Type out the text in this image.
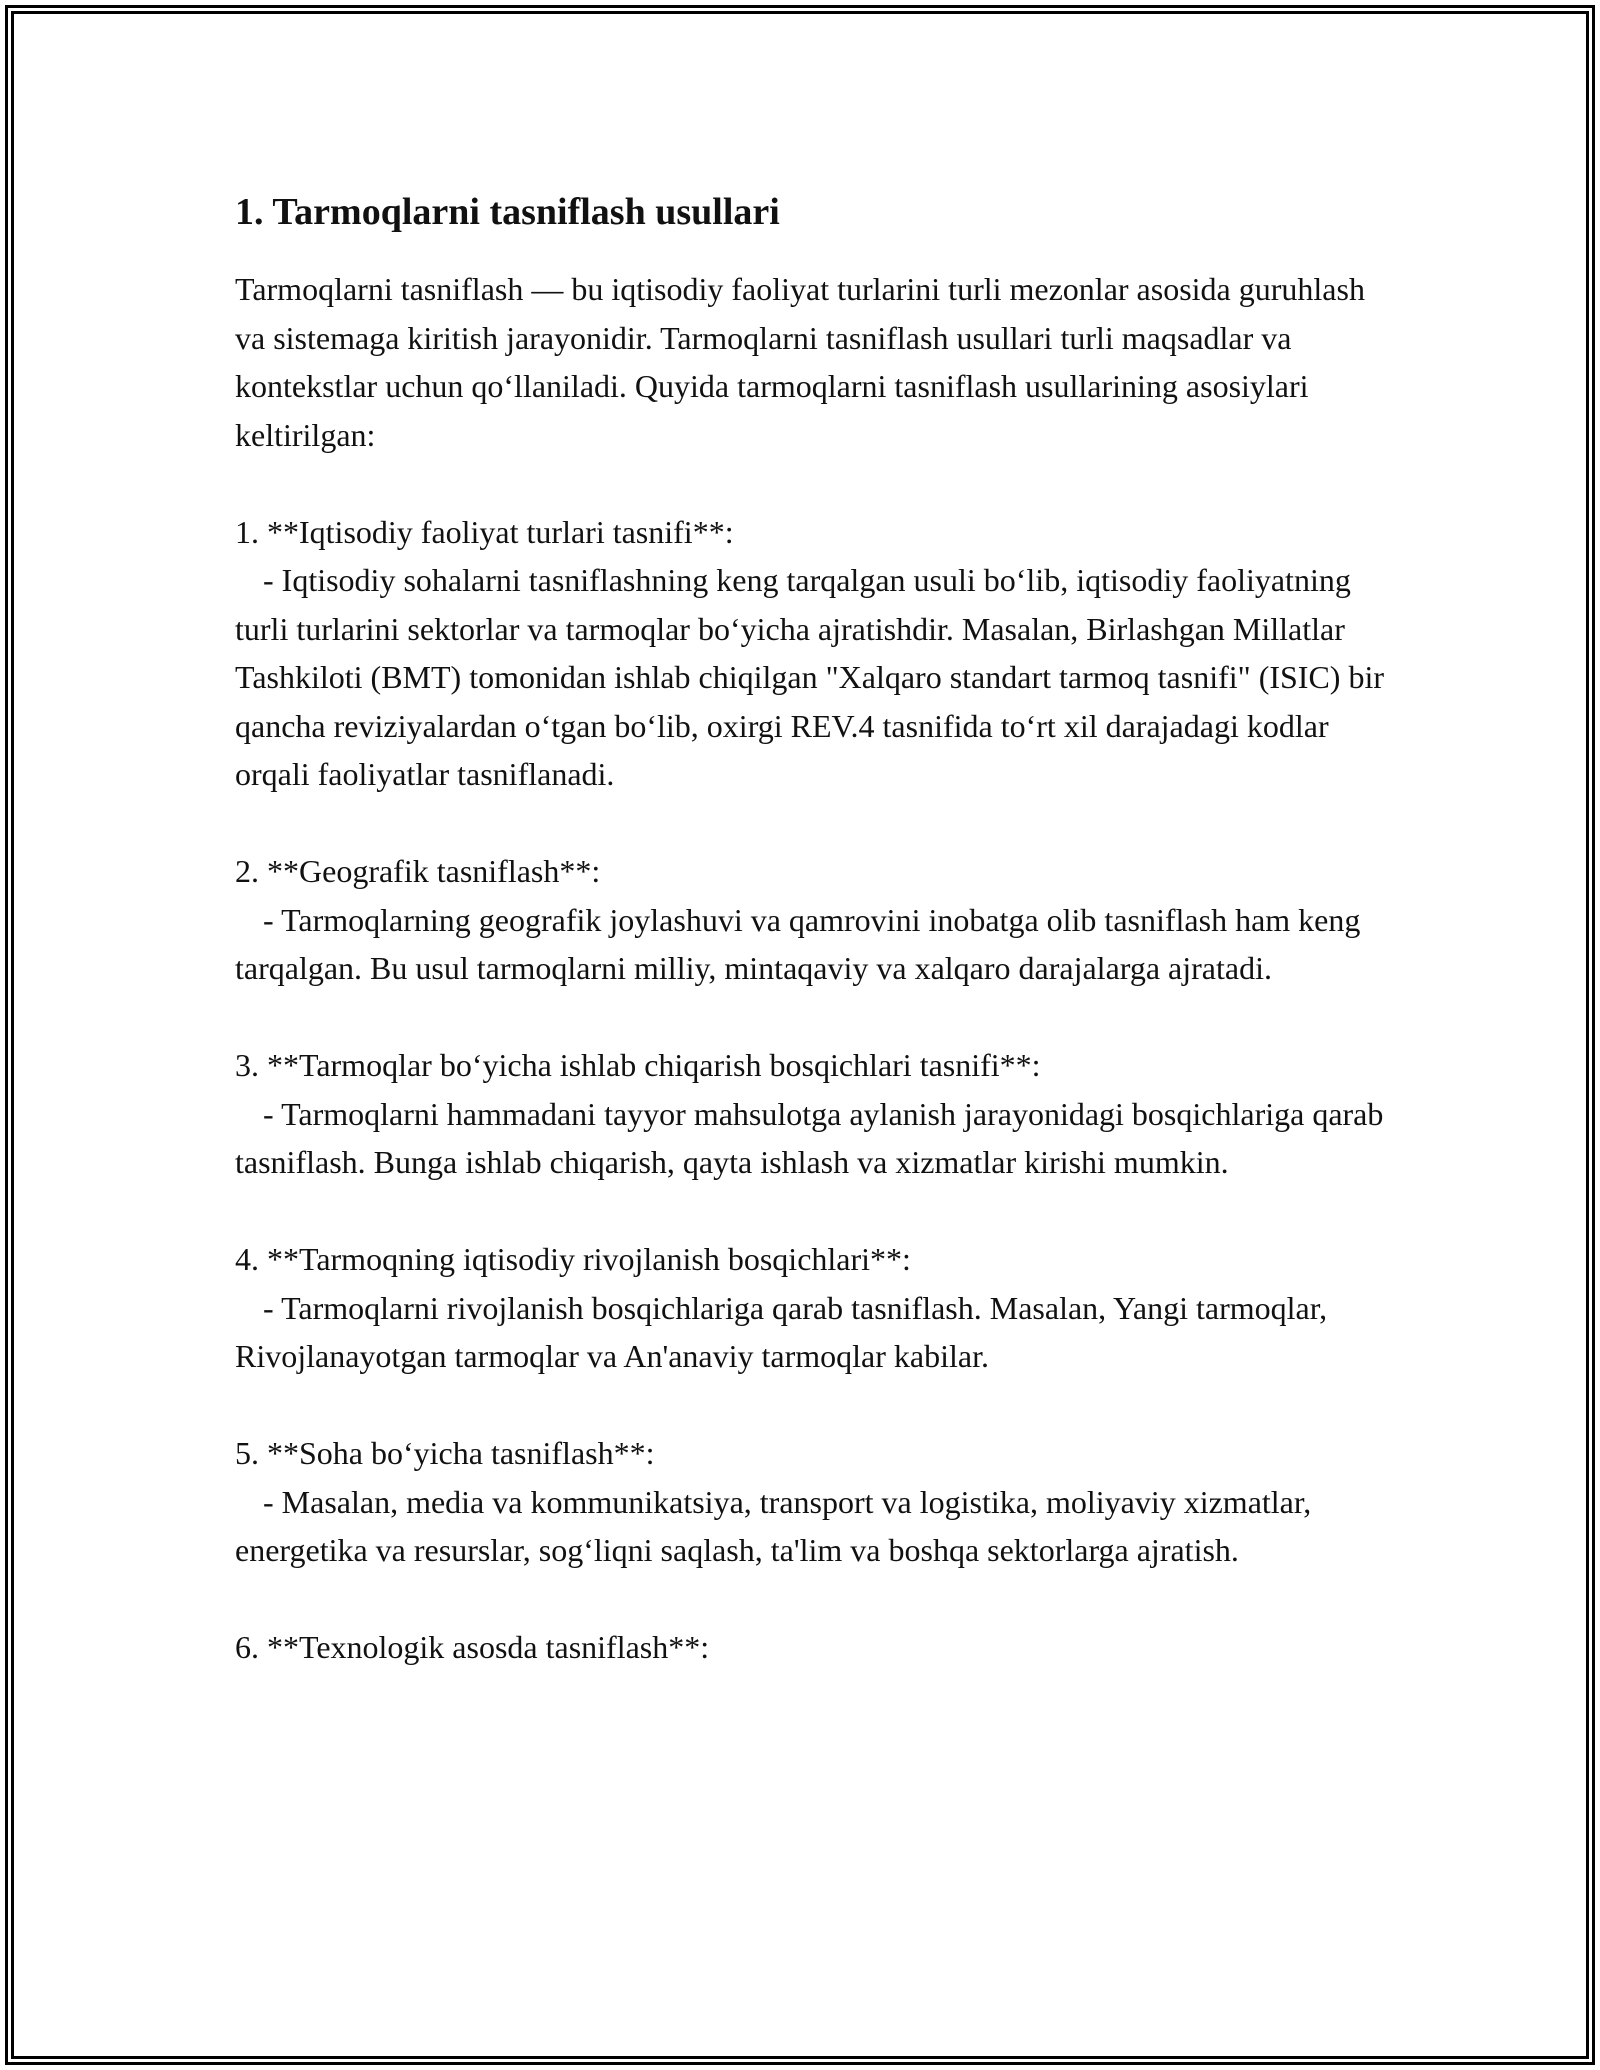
1. Tarmoqlarni tasniflash usullari

Tarmoqlarni tasniflash — bu iqtisodiy faoliyat turlarini turli mezonlar asosida guruhlash va sistemaga kiritish jarayonidir. Tarmoqlarni tasniflash usullari turli maqsadlar va kontekstlar uchun qo‘llaniladi. Quyida tarmoqlarni tasniflash usullarining asosiylari keltirilgan:

1. **Iqtisodiy faoliyat turlari tasnifi**:

- Iqtisodiy sohalarni tasniflashning keng tarqalgan usuli bo‘lib, iqtisodiy faoliyatning turli turlarini sektorlar va tarmoqlar bo‘yicha ajratishdir. Masalan, Birlashgan Millatlar Tashkiloti (BMT) tomonidan ishlab chiqilgan "Xalqaro standart tarmoq tasnifi" (ISIC) bir qancha reviziyalardan o‘tgan bo‘lib, oxirgi REV.4 tasnifida to‘rt xil darajadagi kodlar orqali faoliyatlar tasniflanadi.

2. **Geografik tasniflash**:

- Tarmoqlarning geografik joylashuvi va qamrovini inobatga olib tasniflash ham keng tarqalgan. Bu usul tarmoqlarni milliy, mintaqaviy va xalqaro darajalarga ajratadi.

3. **Tarmoqlar bo‘yicha ishlab chiqarish bosqichlari tasnifi**:

- Tarmoqlarni hammadani tayyor mahsulotga aylanish jarayonidagi bosqichlariga qarab tasniflash. Bunga ishlab chiqarish, qayta ishlash va xizmatlar kirishi mumkin.

4. **Tarmoqning iqtisodiy rivojlanish bosqichlari**:

- Tarmoqlarni rivojlanish bosqichlariga qarab tasniflash. Masalan, Yangi tarmoqlar, Rivojlanayotgan tarmoqlar va An'anaviy tarmoqlar kabilar.

5. **Soha bo‘yicha tasniflash**:

- Masalan, media va kommunikatsiya, transport va logistika, moliyaviy xizmatlar, energetika va resurslar, sog‘liqni saqlash, ta'lim va boshqa sektorlarga ajratish.

6. **Texnologik asosda tasniflash**:
